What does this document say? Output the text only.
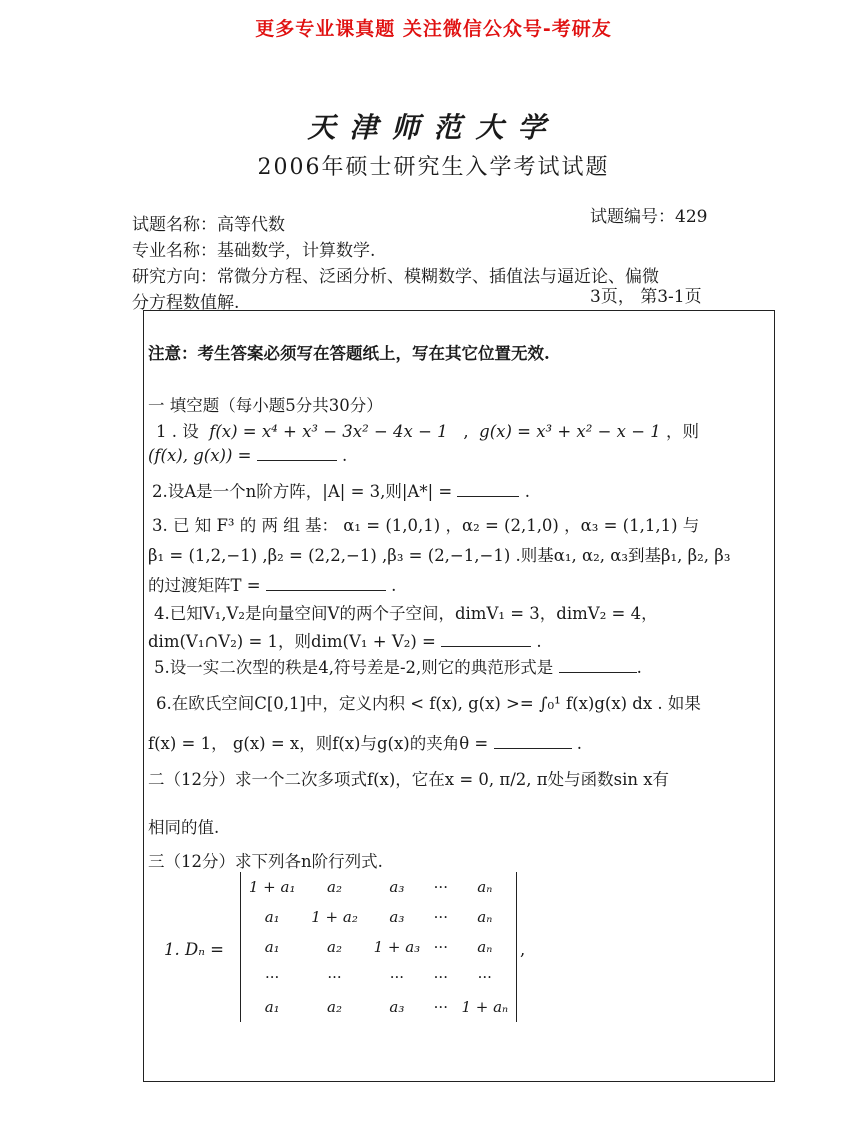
更多专业课真题 关注微信公众号-考研友
天津师范大学
2006年硕士研究生入学考试试题
试题名称：高等代数	试题编号：429
专业名称：基础数学，计算数学.
研究方向：常微分方程、泛函分析、模糊数学、插值法与逼近论、偏微
分方程数值解.	3页， 第3-1页
注意：考生答案必须写在答题纸上，写在其它位置无效.
一 填空题（每小题5分共30分）
1 . 设 f(x) = x⁴ + x³ − 3x² − 4x − 1   ,  g(x) = x³ + x² − x − 1 ，则
(f(x), g(x)) =	.
2.设A是一个n阶方阵，|A| = 3,则|A*| =	.
3. 已 知 F³ 的 两 组 基： α₁ = (1,0,1) ，α₂ = (2,1,0) ，α₃ = (1,1,1) 与
β₁ = (1,2,−1) ,β₂ = (2,2,−1) ,β₃ = (2,−1,−1) .则基α₁, α₂, α₃到基β₁, β₂, β₃
的过渡矩阵T =	.
4.已知V₁,V₂是向量空间V的两个子空间，dimV₁ = 3，dimV₂ = 4，
dim(V₁∩V₂) = 1，则dim(V₁ + V₂) =	.
5.设一实二次型的秩是4,符号差是-2,则它的典范形式是	.
6.在欧氏空间C[0,1]中，定义内积 < f(x), g(x) >= ∫₀¹ f(x)g(x) dx . 如果
f(x) = 1， g(x) = x，则f(x)与g(x)的夹角θ =	.
二（12分）求一个二次多项式f(x)，它在x = 0, π/2, π处与函数sin x有
相同的值.
三（12分）求下列各n阶行列式.
1. Dₙ =
1 + a₁	a₂	a₃	···	aₙ
a₁	1 + a₂	a₃	···	aₙ
a₁	a₂	1 + a₃	···	aₙ
···	···	···	···	···
a₁	a₂	a₃	···	1 + aₙ
,
